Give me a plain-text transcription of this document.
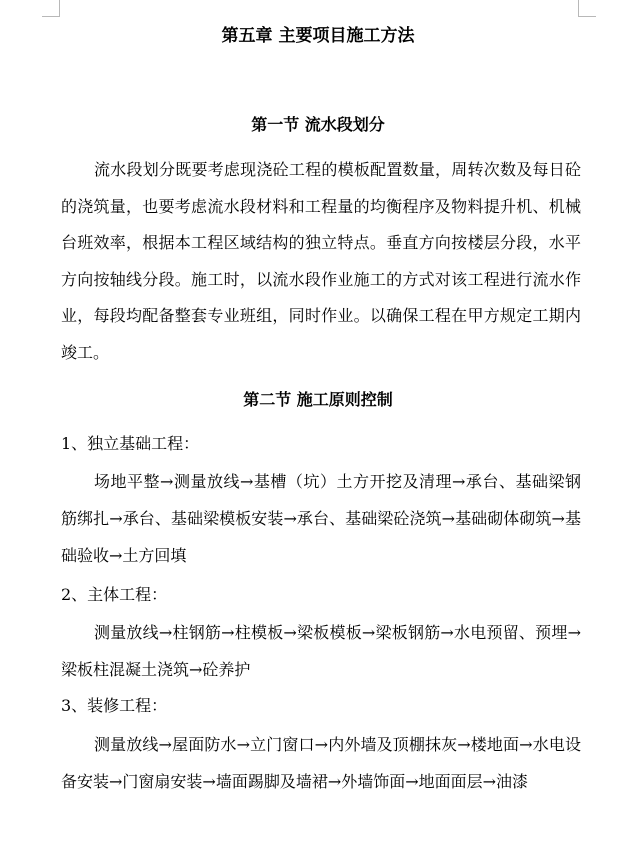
第五章 主要项目施工方法
第一节 流水段划分

流水段划分既要考虑现浇砼工程的模板配置数量，周转次数及每日砼的浇筑量，也要考虑流水段材料和工程量的均衡程序及物料提升机、机械台班效率，根据本工程区域结构的独立特点。垂直方向按楼层分段，水平方向按轴线分段。施工时，以流水段作业施工的方式对该工程进行流水作业，每段均配备整套专业班组，同时作业。以确保工程在甲方规定工期内竣工。

第二节 施工原则控制
1、独立基础工程：

场地平整→测量放线→基槽（坑）土方开挖及清理→承台、基础梁钢筋绑扎→承台、基础梁模板安装→承台、基础梁砼浇筑→基础砌体砌筑→基础验收→土方回填

2、主体工程：

测量放线→柱钢筋→柱模板→梁板模板→梁板钢筋→水电预留、预埋→梁板柱混凝土浇筑→砼养护

3、装修工程：

测量放线→屋面防水→立门窗口→内外墙及顶棚抹灰→楼地面→水电设备安装→门窗扇安装→墙面踢脚及墙裙→外墙饰面→地面面层→油漆
